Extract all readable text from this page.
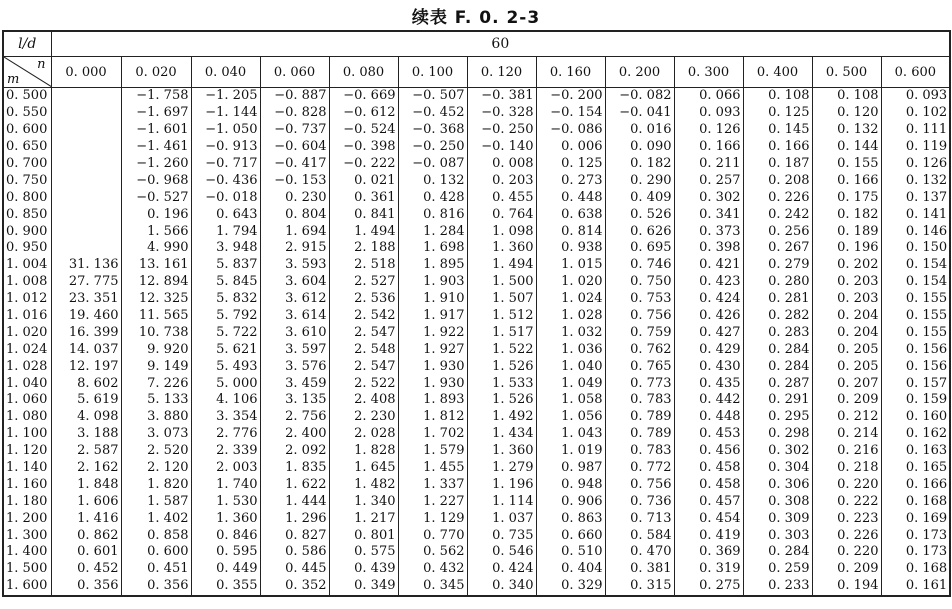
续表 F. 0. 2-3
l/d	60												

n
m	0. 000	0. 020	0. 040	0. 060	0. 080	0. 100	0. 120	0. 160	0. 200	0. 300	0. 400	0. 500	0. 600
0. 500		−1. 758	−1. 205	−0. 887	−0. 669	−0. 507	−0. 381	−0. 200	−0. 082	0. 066	0. 108	0. 108	0. 093
0. 550		−1. 697	−1. 144	−0. 828	−0. 612	−0. 452	−0. 328	−0. 154	−0. 041	0. 093	0. 125	0. 120	0. 102
0. 600		−1. 601	−1. 050	−0. 737	−0. 524	−0. 368	−0. 250	−0. 086	0. 016	0. 126	0. 145	0. 132	0. 111
0. 650		−1. 461	−0. 913	−0. 604	−0. 398	−0. 250	−0. 140	0. 006	0. 090	0. 166	0. 166	0. 144	0. 119
0. 700		−1. 260	−0. 717	−0. 417	−0. 222	−0. 087	0. 008	0. 125	0. 182	0. 211	0. 187	0. 155	0. 126
0. 750		−0. 968	−0. 436	−0. 153	0. 021	0. 132	0. 203	0. 273	0. 290	0. 257	0. 208	0. 166	0. 132
0. 800		−0. 527	−0. 018	0. 230	0. 361	0. 428	0. 455	0. 448	0. 409	0. 302	0. 226	0. 175	0. 137
0. 850		0. 196	0. 643	0. 804	0. 841	0. 816	0. 764	0. 638	0. 526	0. 341	0. 242	0. 182	0. 141
0. 900		1. 566	1. 794	1. 694	1. 494	1. 284	1. 098	0. 814	0. 626	0. 373	0. 256	0. 189	0. 146
0. 950		4. 990	3. 948	2. 915	2. 188	1. 698	1. 360	0. 938	0. 695	0. 398	0. 267	0. 196	0. 150
1. 004	31. 136	13. 161	5. 837	3. 593	2. 518	1. 895	1. 494	1. 015	0. 746	0. 421	0. 279	0. 202	0. 154
1. 008	27. 775	12. 894	5. 845	3. 604	2. 527	1. 903	1. 500	1. 020	0. 750	0. 423	0. 280	0. 203	0. 154
1. 012	23. 351	12. 325	5. 832	3. 612	2. 536	1. 910	1. 507	1. 024	0. 753	0. 424	0. 281	0. 203	0. 155
1. 016	19. 460	11. 565	5. 792	3. 614	2. 542	1. 917	1. 512	1. 028	0. 756	0. 426	0. 282	0. 204	0. 155
1. 020	16. 399	10. 738	5. 722	3. 610	2. 547	1. 922	1. 517	1. 032	0. 759	0. 427	0. 283	0. 204	0. 155
1. 024	14. 037	9. 920	5. 621	3. 597	2. 548	1. 927	1. 522	1. 036	0. 762	0. 429	0. 284	0. 205	0. 156
1. 028	12. 197	9. 149	5. 493	3. 576	2. 547	1. 930	1. 526	1. 040	0. 765	0. 430	0. 284	0. 205	0. 156
1. 040	8. 602	7. 226	5. 000	3. 459	2. 522	1. 930	1. 533	1. 049	0. 773	0. 435	0. 287	0. 207	0. 157
1. 060	5. 619	5. 133	4. 106	3. 135	2. 408	1. 893	1. 526	1. 058	0. 783	0. 442	0. 291	0. 209	0. 159
1. 080	4. 098	3. 880	3. 354	2. 756	2. 230	1. 812	1. 492	1. 056	0. 789	0. 448	0. 295	0. 212	0. 160
1. 100	3. 188	3. 073	2. 776	2. 400	2. 028	1. 702	1. 434	1. 043	0. 789	0. 453	0. 298	0. 214	0. 162
1. 120	2. 587	2. 520	2. 339	2. 092	1. 828	1. 579	1. 360	1. 019	0. 783	0. 456	0. 302	0. 216	0. 163
1. 140	2. 162	2. 120	2. 003	1. 835	1. 645	1. 455	1. 279	0. 987	0. 772	0. 458	0. 304	0. 218	0. 165
1. 160	1. 848	1. 820	1. 740	1. 622	1. 482	1. 337	1. 196	0. 948	0. 756	0. 458	0. 306	0. 220	0. 166
1. 180	1. 606	1. 587	1. 530	1. 444	1. 340	1. 227	1. 114	0. 906	0. 736	0. 457	0. 308	0. 222	0. 168
1. 200	1. 416	1. 402	1. 360	1. 296	1. 217	1. 129	1. 037	0. 863	0. 713	0. 454	0. 309	0. 223	0. 169
1. 300	0. 862	0. 858	0. 846	0. 827	0. 801	0. 770	0. 735	0. 660	0. 584	0. 419	0. 303	0. 226	0. 173
1. 400	0. 601	0. 600	0. 595	0. 586	0. 575	0. 562	0. 546	0. 510	0. 470	0. 369	0. 284	0. 220	0. 173
1. 500	0. 452	0. 451	0. 449	0. 445	0. 439	0. 432	0. 424	0. 404	0. 381	0. 319	0. 259	0. 209	0. 168
1. 600	0. 356	0. 356	0. 355	0. 352	0. 349	0. 345	0. 340	0. 329	0. 315	0. 275	0. 233	0. 194	0. 161
